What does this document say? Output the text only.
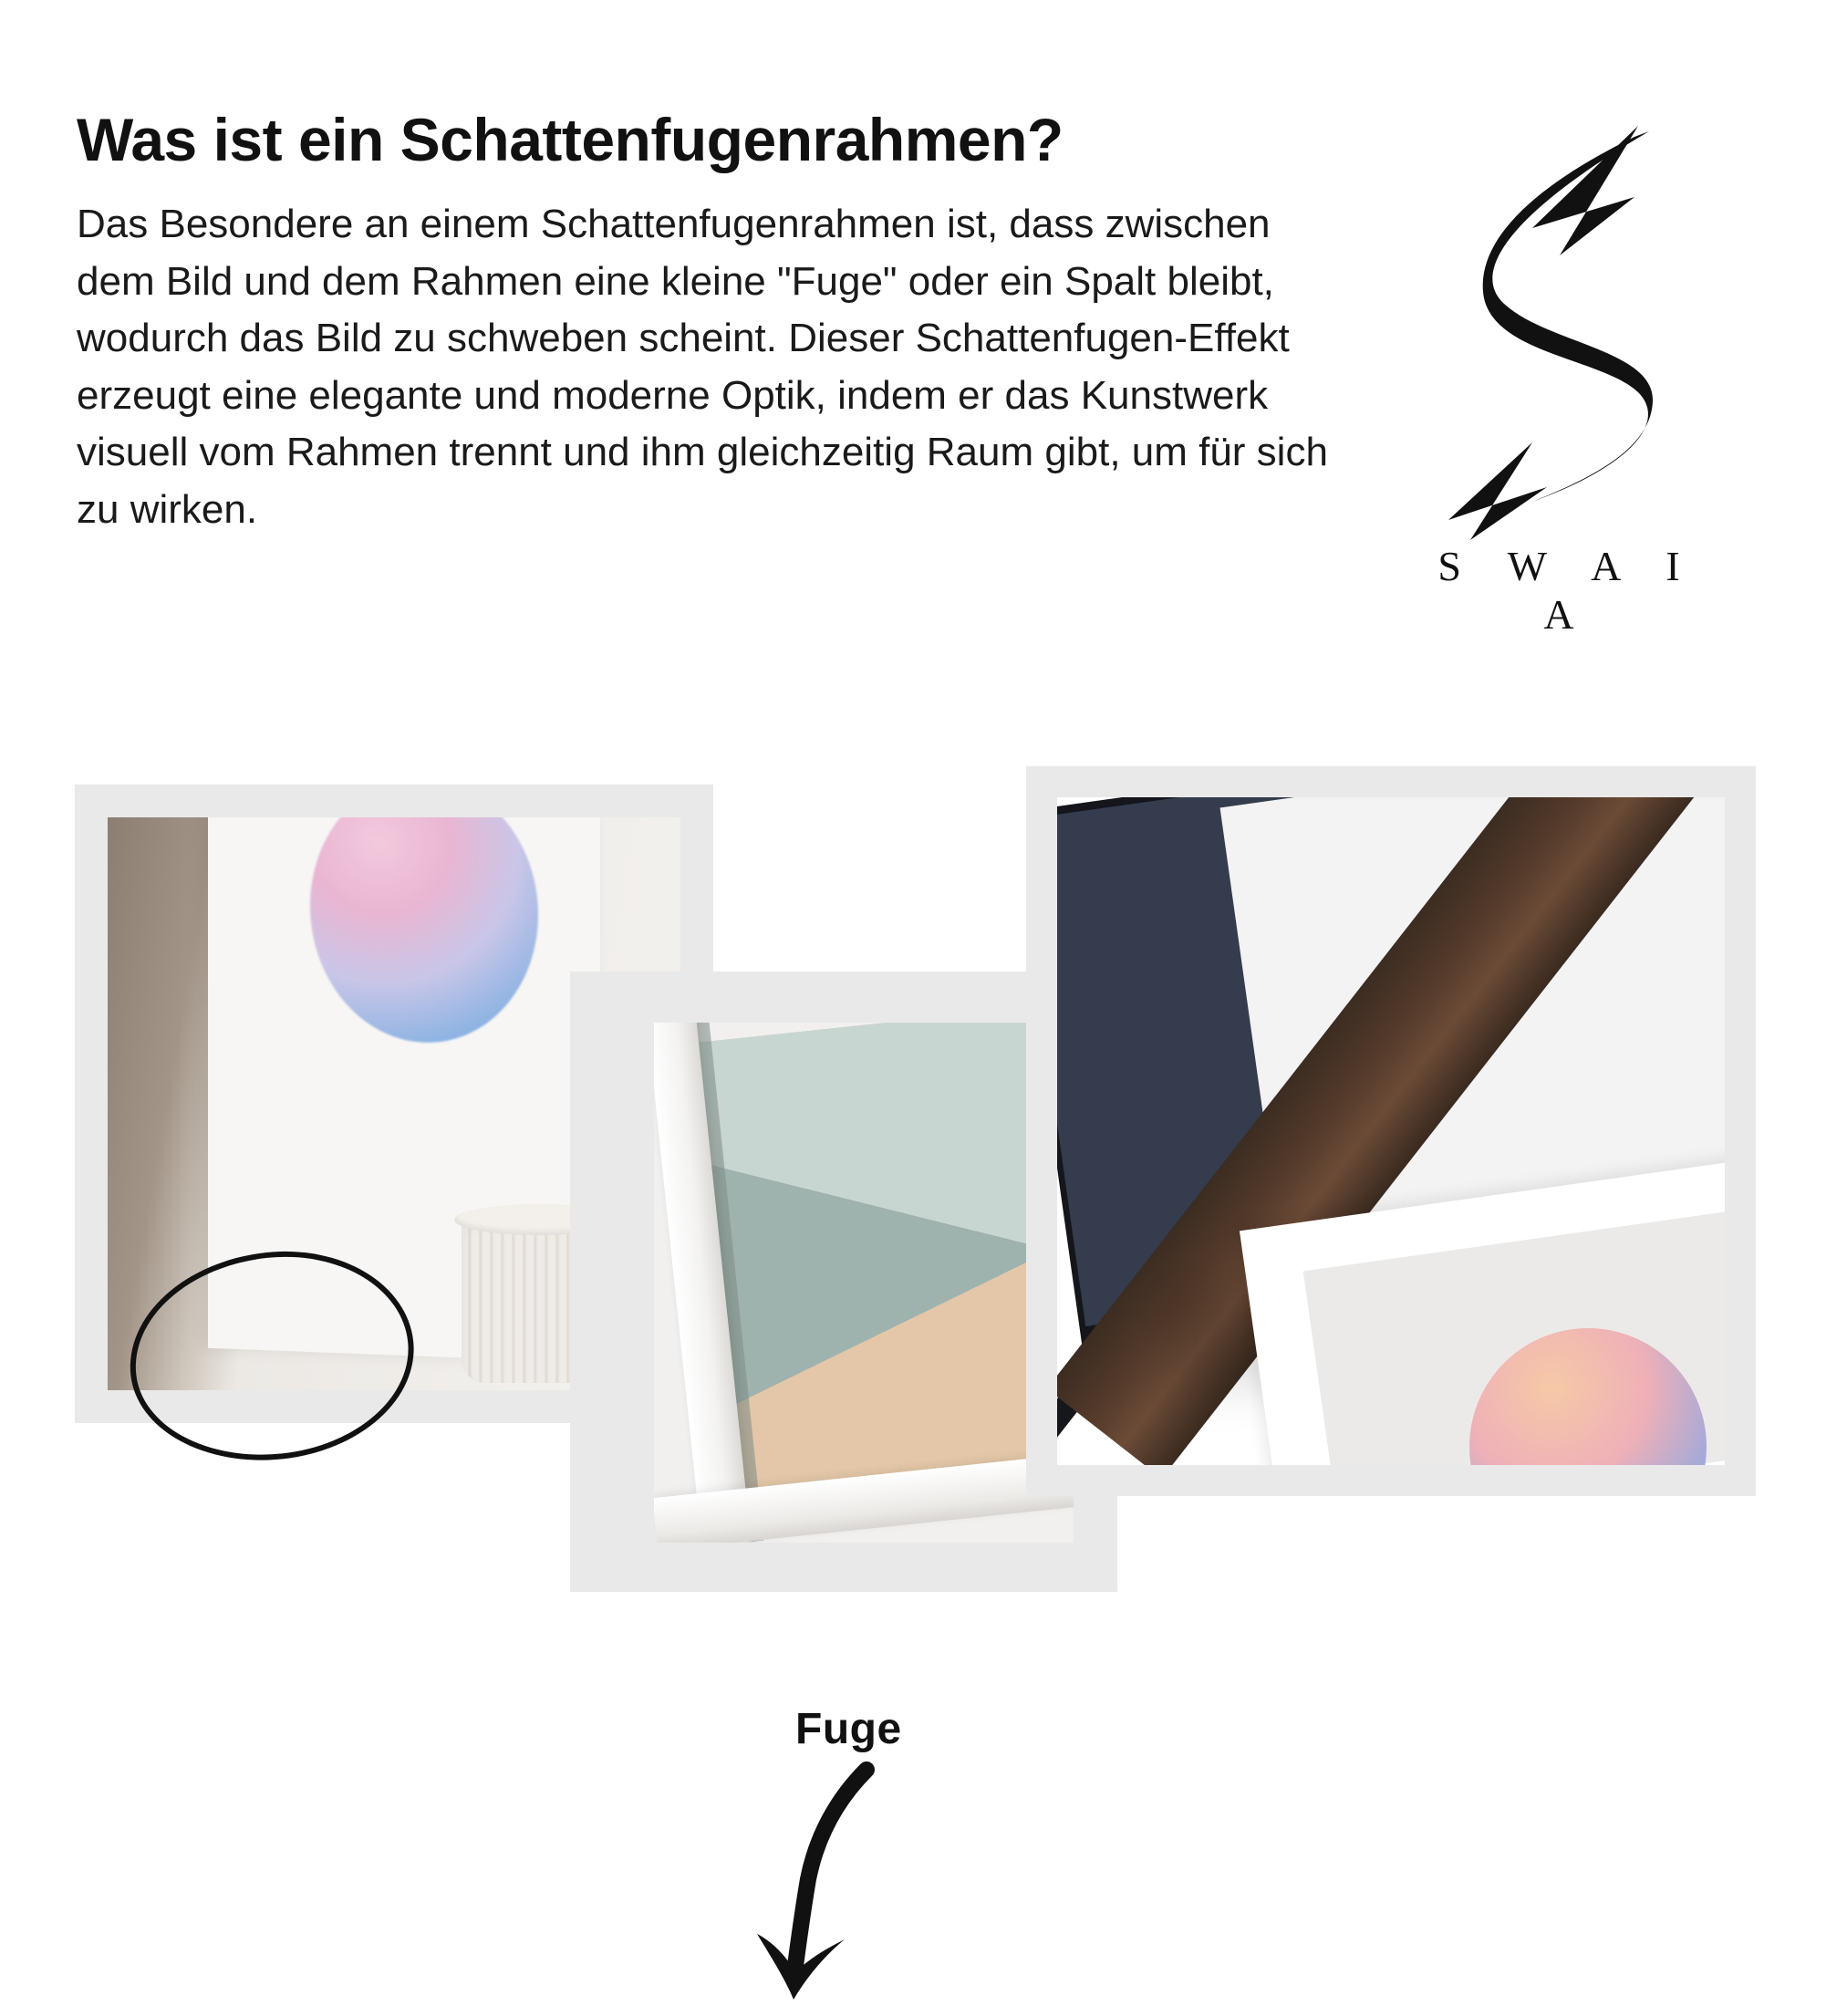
Was ist ein Schattenfugenrahmen?

Das Besondere an einem Schattenfugenrahmen ist, dass zwischen dem Bild und dem Rahmen eine kleine "Fuge" oder ein Spalt bleibt, wodurch das Bild zu schweben scheint. Dieser Schattenfugen-Effekt erzeugt eine elegante und moderne Optik, indem er das Kunstwerk visuell vom Rahmen trennt und ihm gleichzeitig Raum gibt, um für sich zu wirken.

S W A I A
Fuge
